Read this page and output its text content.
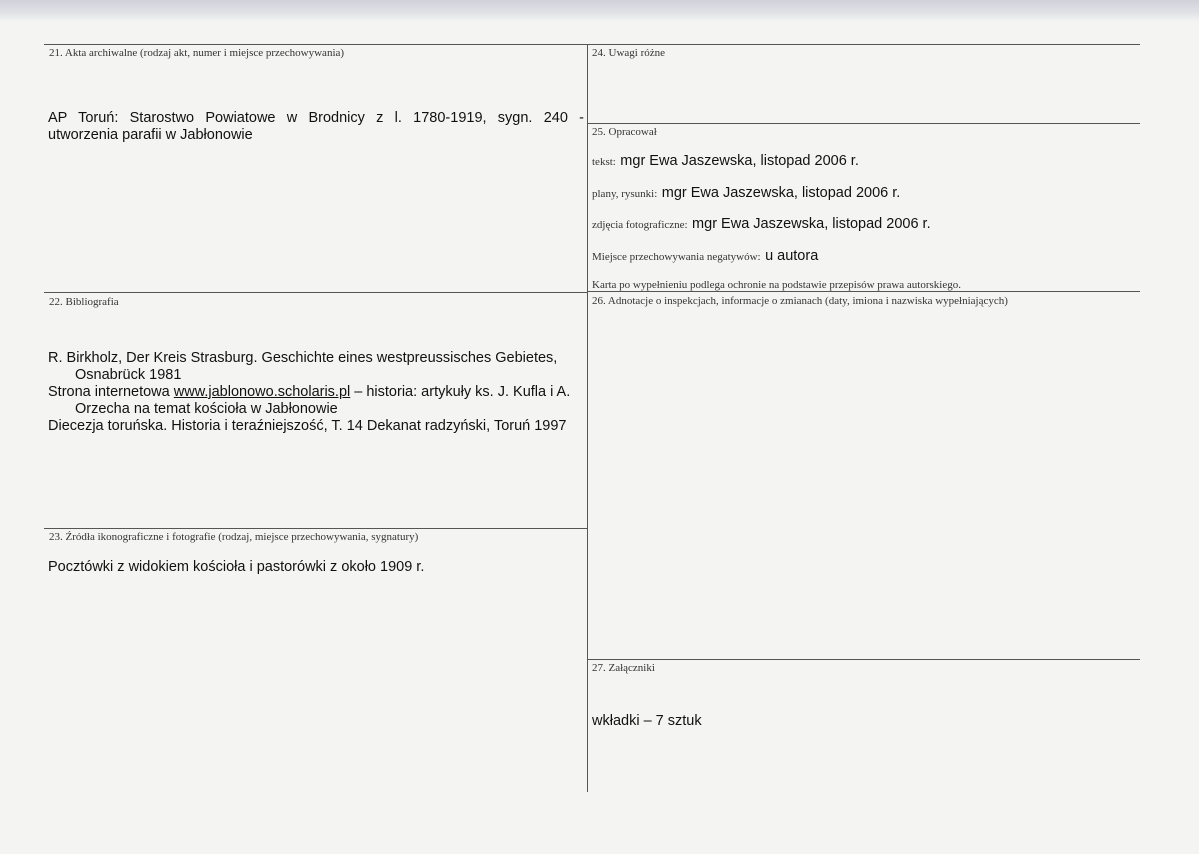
21. Akta archiwalne (rodzaj akt, numer i miejsce przechowywania)
AP Toruń: Starostwo Powiatowe w Brodnicy z l. 1780-1919, sygn. 240 -
utworzenia parafii w Jabłonowie
22. Bibliografia

R. Birkholz, Der Kreis Strasburg. Geschichte eines westpreussisches Gebietes, Osnabrück 1981

Strona internetowa www.jablonowo.scholaris.pl – historia: artykuły ks. J. Kufla i A. Orzecha na temat kościoła w Jabłonowie

Diecezja toruńska. Historia i teraźniejszość, T. 14 Dekanat radzyński, Toruń 1997

23. Źródła ikonograficzne i fotografie (rodzaj, miejsce przechowywania, sygnatury)
Pocztówki z widokiem kościoła i pastorówki z około 1909 r.
24. Uwagi różne
25. Opracował
tekst: mgr Ewa Jaszewska, listopad 2006 r.
plany, rysunki: mgr Ewa Jaszewska, listopad 2006 r.
zdjęcia fotograficzne: mgr Ewa Jaszewska, listopad 2006 r.
Miejsce przechowywania negatywów: u autora
Karta po wypełnieniu podlega ochronie na podstawie przepisów prawa autorskiego.
26. Adnotacje o inspekcjach, informacje o zmianach (daty, imiona i nazwiska wypełniających)
27. Załączniki
wkładki – 7 sztuk
